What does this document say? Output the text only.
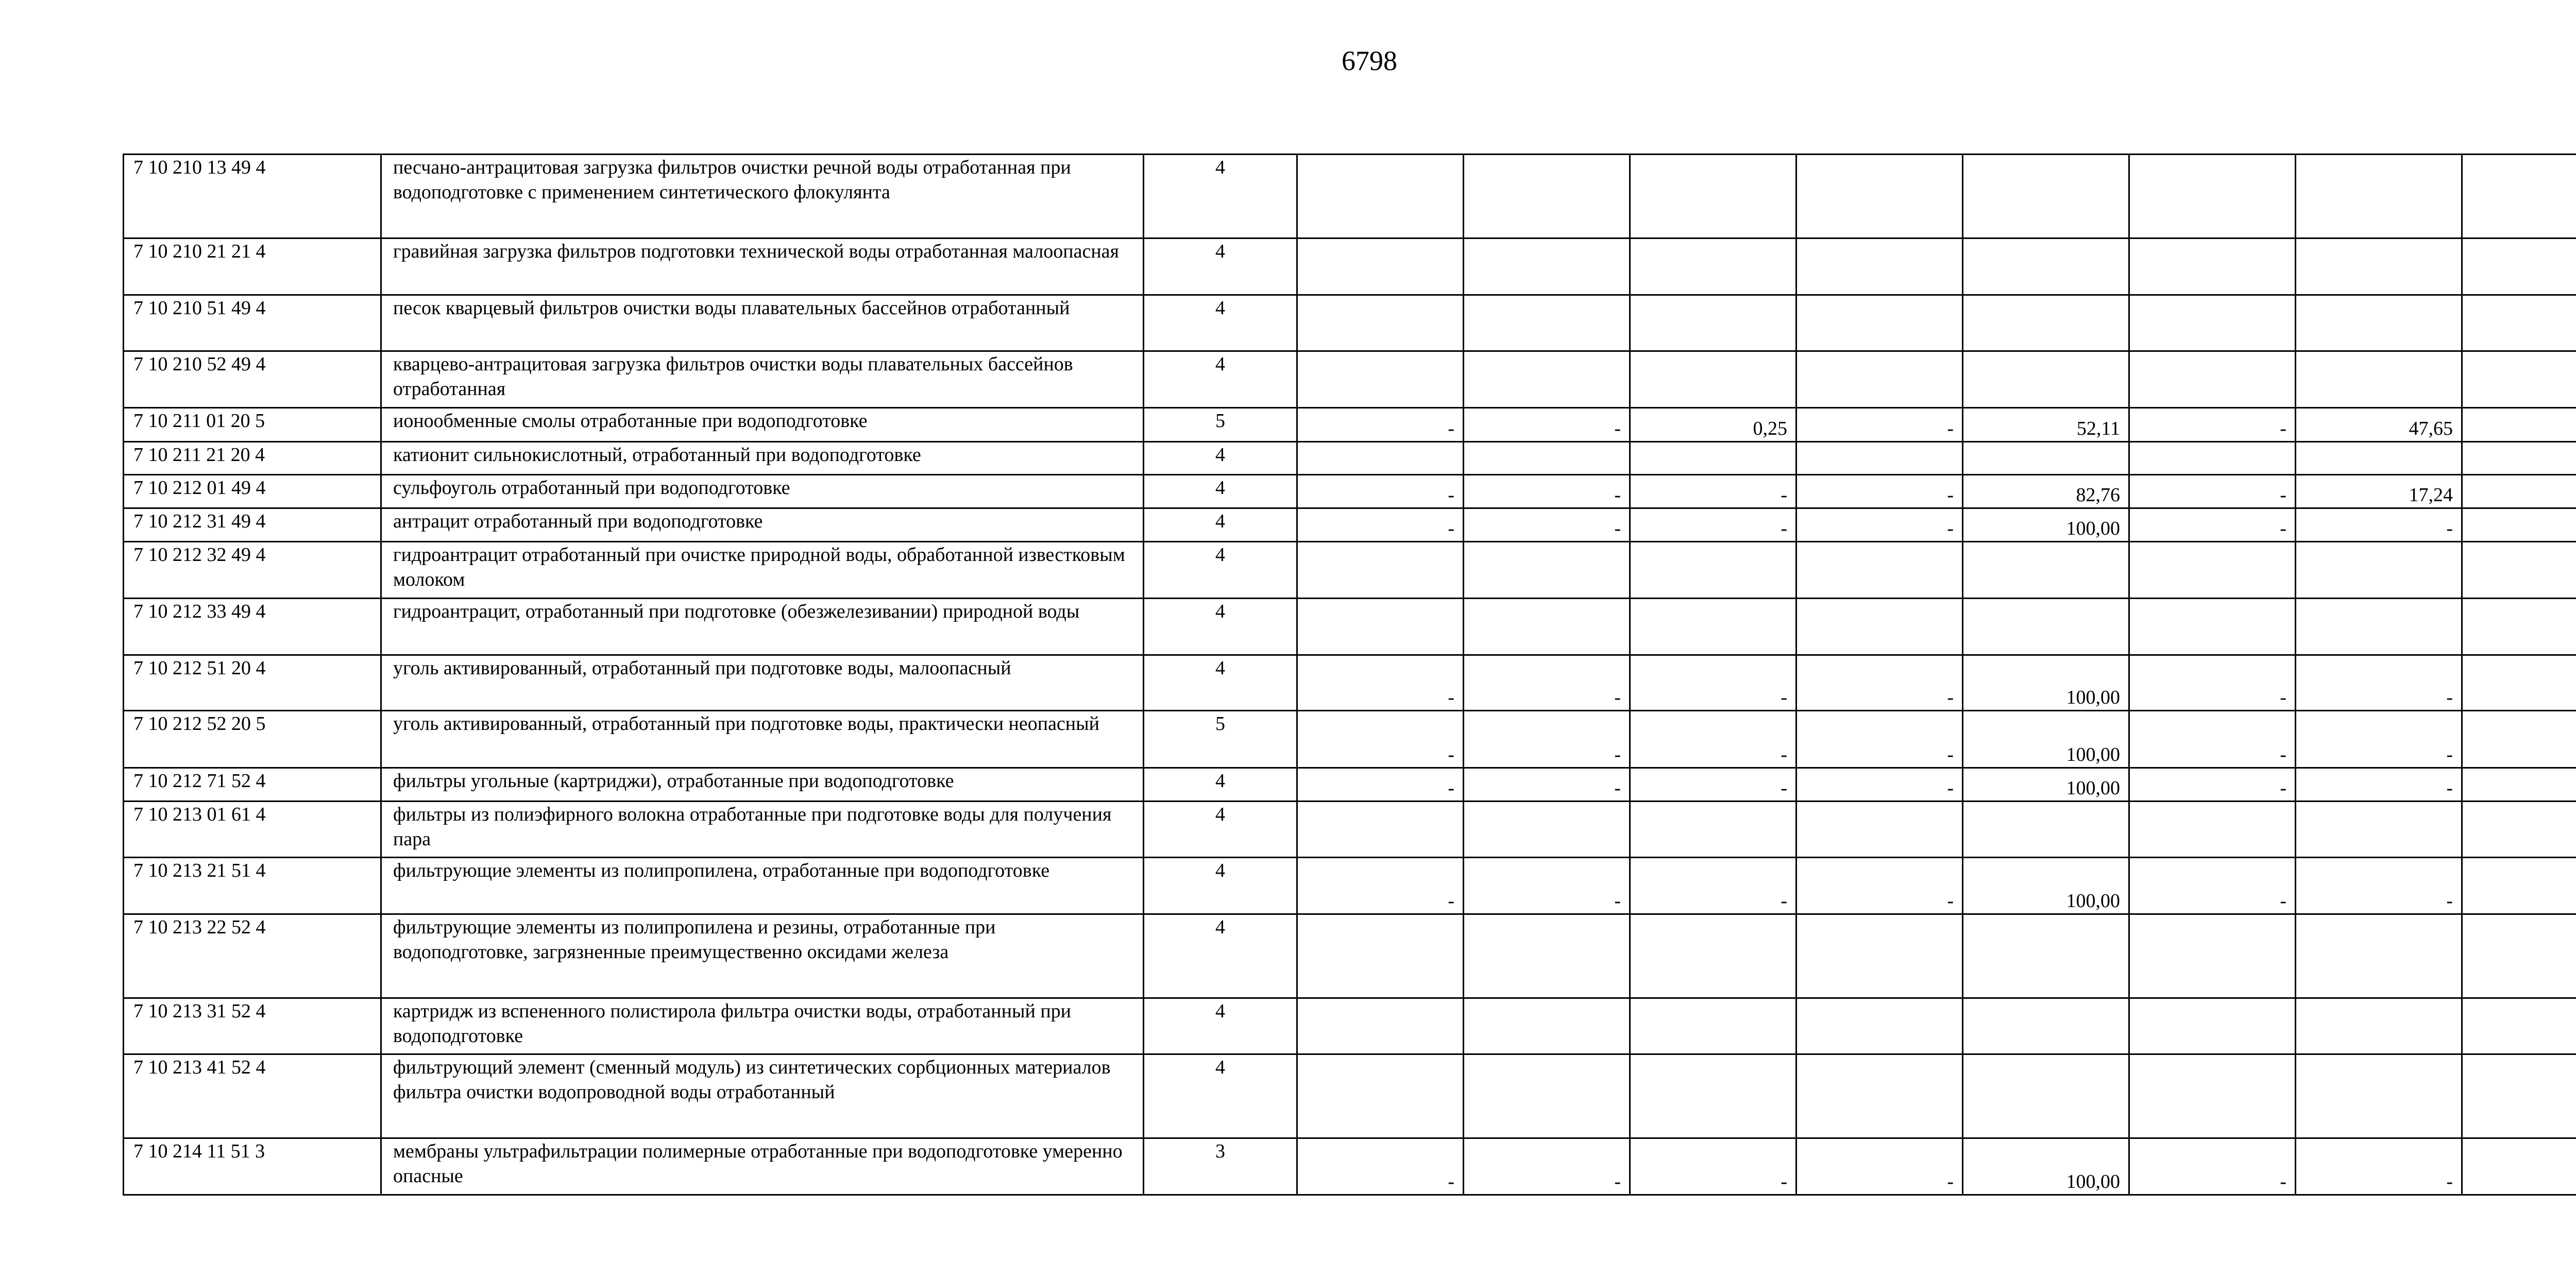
6798
7 10 210 13 49 4	песчано-антрацитовая загрузка фильтров очистки речной воды отработанная при водоподготовке с применением синтетического флокулянта	4								
7 10 210 21 21 4	гравийная загрузка фильтров подготовки технической воды отработанная малоопасная	4								
7 10 210 51 49 4	песок кварцевый фильтров очистки воды плавательных бассейнов отработанный	4								
7 10 210 52 49 4	кварцево-антрацитовая загрузка фильтров очистки воды плавательных бассейнов отработанная	4								
7 10 211 01 20 5	ионообменные смолы отработанные при водоподготовке	5	-	-	0,25	-	52,11	-	47,65	
7 10 211 21 20 4	катионит сильнокислотный, отработанный при водоподготовке	4								
7 10 212 01 49 4	сульфоуголь отработанный при водоподготовке	4	-	-	-	-	82,76	-	17,24	
7 10 212 31 49 4	антрацит отработанный при водоподготовке	4	-	-	-	-	100,00	-	-	
7 10 212 32 49 4	гидроантрацит отработанный при очистке природной воды, обработанной известковым молоком	4								
7 10 212 33 49 4	гидроантрацит, отработанный при подготовке (обезжелезивании) природной воды	4								
7 10 212 51 20 4	уголь активированный, отработанный при подготовке воды, малоопасный	4	-	-	-	-	100,00	-	-	
7 10 212 52 20 5	уголь активированный, отработанный при подготовке воды, практически неопасный	5	-	-	-	-	100,00	-	-	
7 10 212 71 52 4	фильтры угольные (картриджи), отработанные при водоподготовке	4	-	-	-	-	100,00	-	-	
7 10 213 01 61 4	фильтры из полиэфирного волокна отработанные при подготовке воды для получения пара	4								
7 10 213 21 51 4	фильтрующие элементы из полипропилена, отработанные при водоподготовке	4	-	-	-	-	100,00	-	-	
7 10 213 22 52 4	фильтрующие элементы из полипропилена и резины, отработанные при водоподготовке, загрязненные преимущественно оксидами железа	4								
7 10 213 31 52 4	картридж из вспененного полистирола фильтра очистки воды, отработанный при водоподготовке	4								
7 10 213 41 52 4	фильтрующий элемент (сменный модуль) из синтетических сорбционных материалов фильтра очистки водопроводной воды отработанный	4								
7 10 214 11 51 3	мембраны ультрафильтрации полимерные отработанные при водоподготовке умеренно опасные	3	-	-	-	-	100,00	-	-	
